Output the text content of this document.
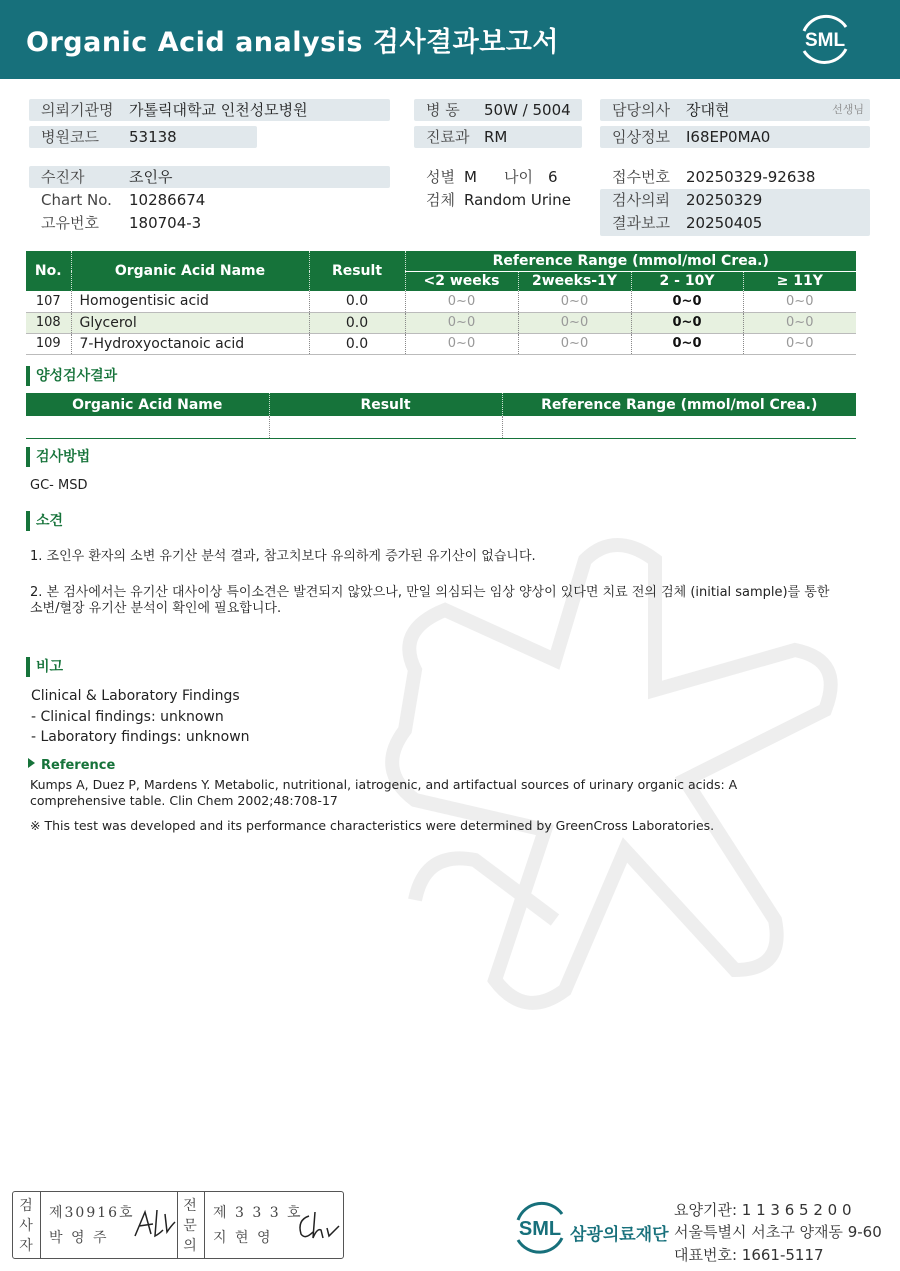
Organic Acid analysis 검사결과보고서	SML
의뢰기관명 가톨릭대학교 인천성모병원
병원코드 53138
병 동 50W / 5004
진료과 RM
담당의사 장대현	선생님
임상정보 I68EP0MA0
수진자	조인우
Chart No. 10286674
고유번호 180704-3
성별 M 나이 6
검체 Random Urine
접수번호 20250329-92638
검사의뢰 20250329
결과보고 20250405
No.	Organic Acid Name	Result	Reference Range (mmol/mol Crea.)			
			<2 weeks	2weeks-1Y	2 - 10Y	≥ 11Y
107	Homogentisic acid	0.0	0~0	0~0	0~0	0~0
108	Glycerol	0.0	0~0	0~0	0~0	0~0
109	7-Hydroxyoctanoic acid	0.0	0~0	0~0	0~0	0~0
양성검사결과
Organic Acid Name	Result	Reference Range (mmol/mol Crea.)

검사방법
GC- MSD
소견
1. 조인우 환자의 소변 유기산 분석 결과, 참고치보다 유의하게 증가된 유기산이 없습니다.
2. 본 검사에서는 유기산 대사이상 특이소견은 발견되지 않았으나, 만일 의심되는 임상 양상이 있다면 치료 전의 검체 (initial sample)를 통한 소변/혈장 유기산 분석이 확인에 필요합니다.
비고
Clinical & Laboratory Findings
- Clinical findings: unknown
- Laboratory findings: unknown
Reference
Kumps A, Duez P, Mardens Y. Metabolic, nutritional, iatrogenic, and artifactual sources of urinary organic acids: A comprehensive table. Clin Chem 2002;48:708-17
※ This test was developed and its performance characteristics were determined by GreenCross Laboratories.
검사자
제30916호
박 영 주
전문의
제 3 3 3 호
지 현 영	SML 삼광의료재단
요양기관: 1 1 3 6 5 2 0 0
서울특별시 서초구 양재동 9-60
대표번호: 1661-5117
